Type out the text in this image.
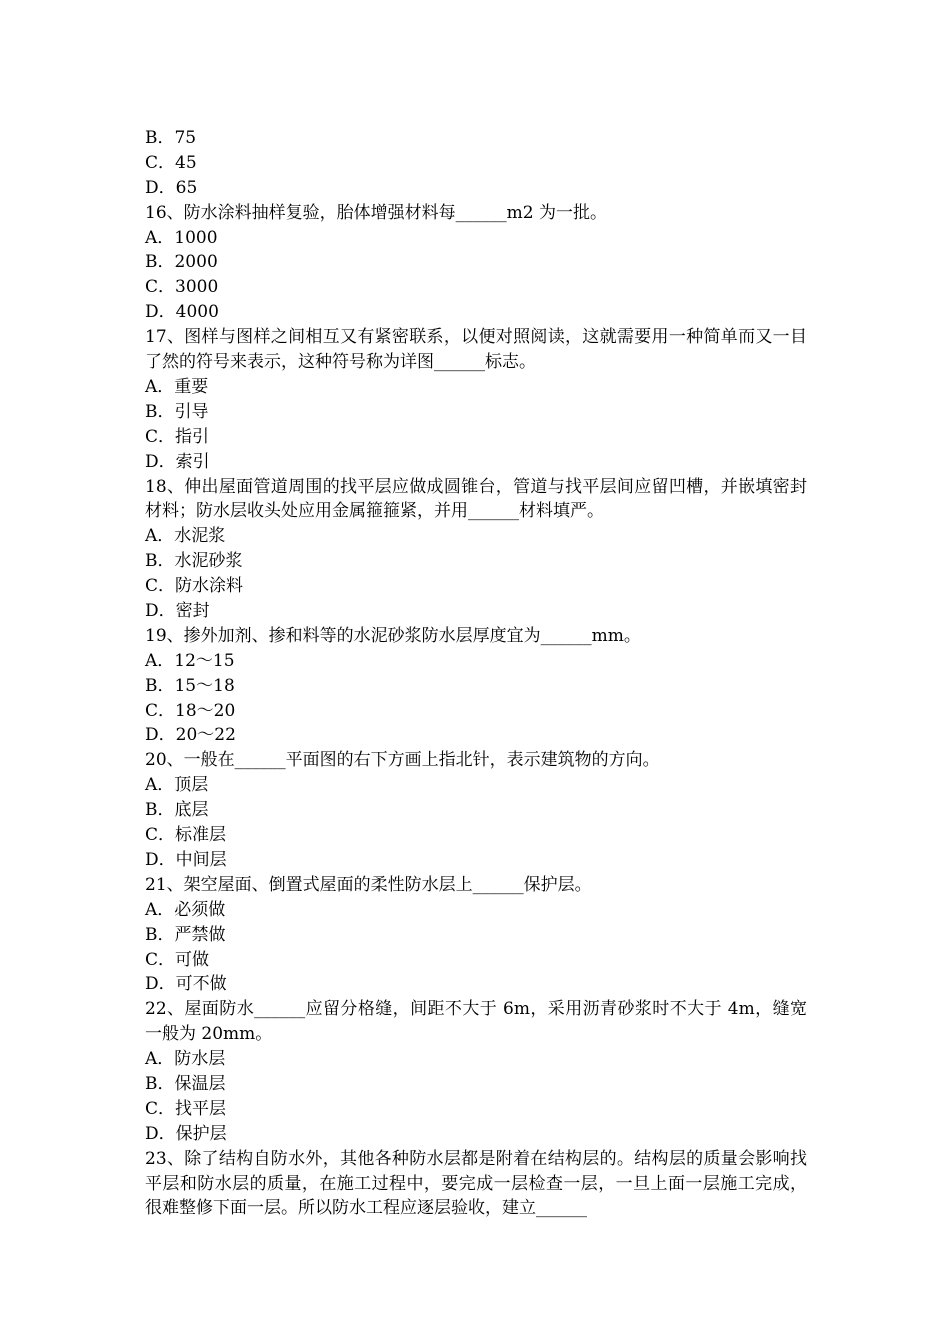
B．75
C．45
D．65
16、防水涂料抽样复验，胎体增强材料每______m2 为一批。
A．1000
B．2000
C．3000
D．4000
17、图样与图样之间相互又有紧密联系，以便对照阅读，这就需要用一种简单而又一目了然的符号来表示，这种符号称为详图______标志。
A．重要
B．引导
C．指引
D．索引
18、伸出屋面管道周围的找平层应做成圆锥台，管道与找平层间应留凹槽，并嵌填密封材料；防水层收头处应用金属箍箍紧，并用______材料填严。
A．水泥浆
B．水泥砂浆
C．防水涂料
D．密封
19、掺外加剂、掺和料等的水泥砂浆防水层厚度宜为______mm。
A．12～15
B．15～18
C．18～20
D．20～22
20、一般在______平面图的右下方画上指北针，表示建筑物的方向。
A．顶层
B．底层
C．标准层
D．中间层
21、架空屋面、倒置式屋面的柔性防水层上______保护层。
A．必须做
B．严禁做
C．可做
D．可不做
22、屋面防水______应留分格缝，间距不大于 6m，采用沥青砂浆时不大于 4m，缝宽一般为 20mm。
A．防水层
B．保温层
C．找平层
D．保护层
23、除了结构自防水外，其他各种防水层都是附着在结构层的。结构层的质量会影响找平层和防水层的质量，在施工过程中，要完成一层检查一层，一旦上面一层施工完成，很难整修下面一层。所以防水工程应逐层验收，建立______
